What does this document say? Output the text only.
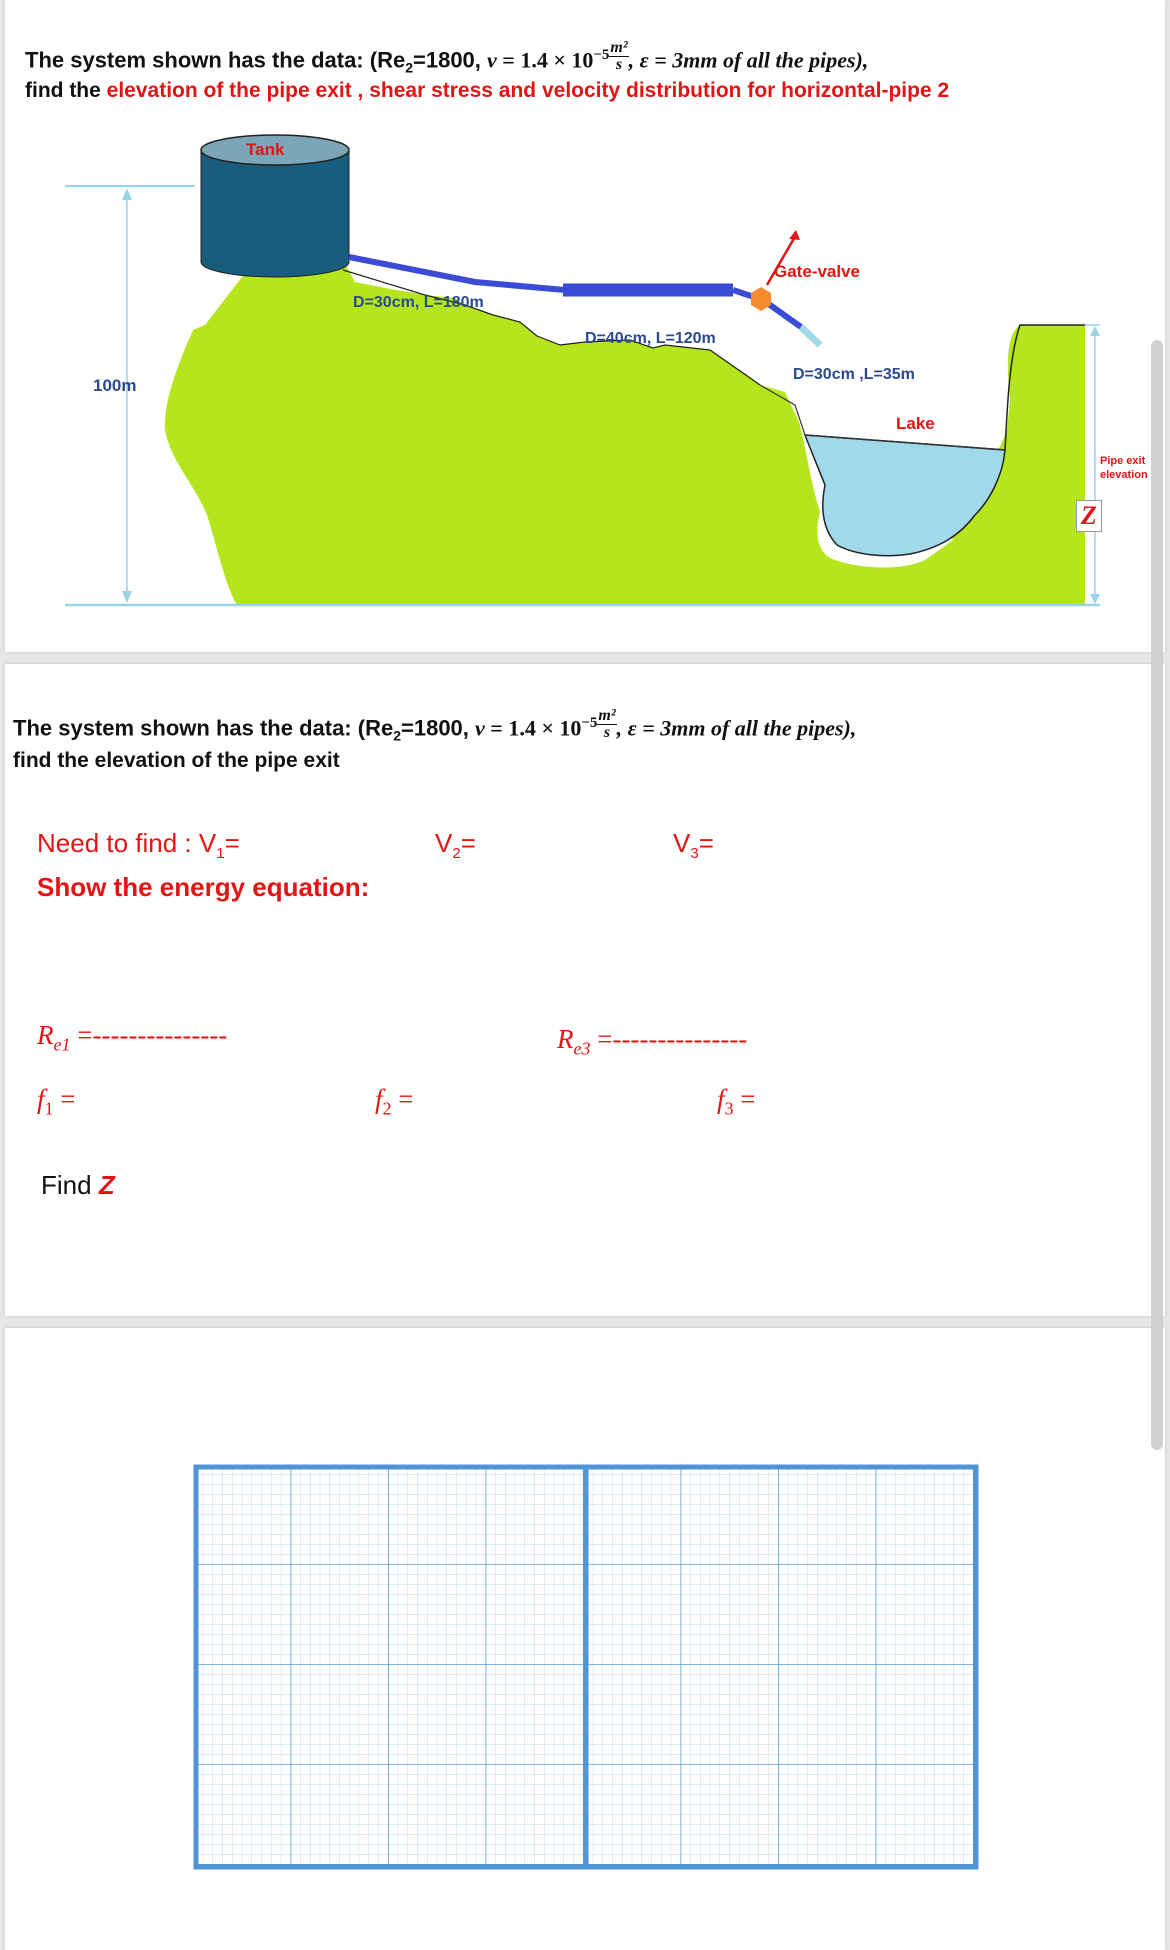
The system shown has the data: ($Re_2=1800$, $\nu = 1.4 \times 10^{-5} \frac{\text{m²}}{s}$ , ε = 3mm of all the pipes),
find the elevation of the pipe exit , shear stress and velocity distribution for horizontal-pipe 2
Tank
100m
D=30cm, L=180m
D=40cm, L=120m
D=30cm ,L=35m
Gate-valve
Lake
Pipe exit
elevation
Z
The system shown has the data: ($Re_2=1800$, $\nu = 1.4 \times 10^{-5} \frac{\text{m²}}{s}$ , ε = 3mm of all the pipes),
find the elevation of the pipe exit
Need to find : $V_1=$	$V_2=$	$V_3=$
Show the energy equation:
$R_{e1}$ =---------------	$R_{e3}$ =---------------
$f_1$ =	$f_2$ =	$f_3$ =
Find Z
